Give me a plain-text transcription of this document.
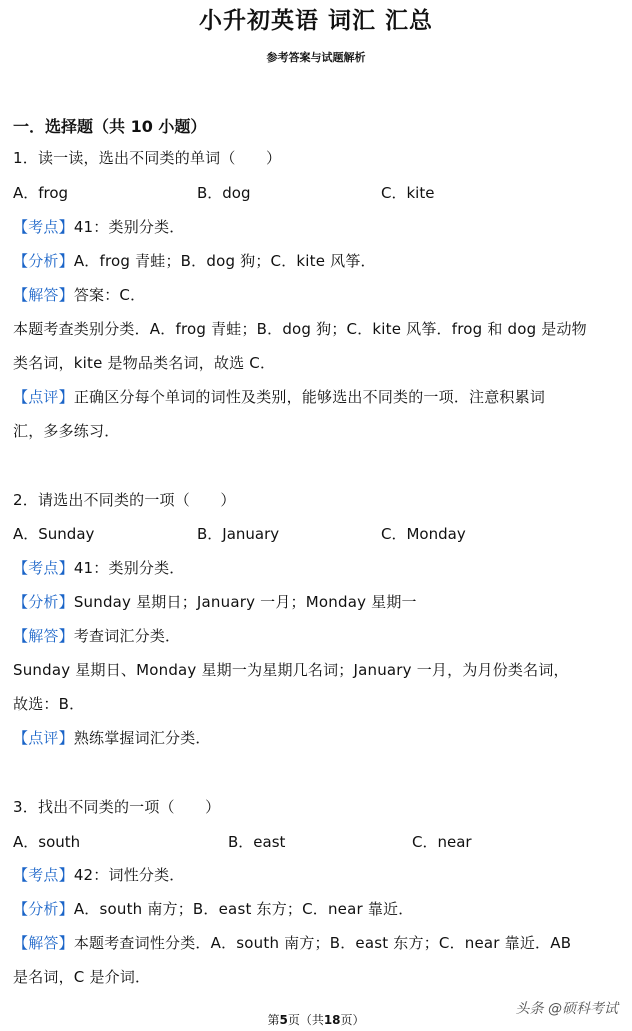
小升初英语 词汇 汇总
参考答案与试题解析
一．选择题（共 10 小题）
1．读一读，选出不同类的单词（　　）
A．frog	B．dog	C．kite
【考点】41：类别分类．
【分析】A．frog 青蛙；B．dog 狗；C．kite 风筝．
【解答】答案：C．
本题考查类别分类．A．frog 青蛙；B．dog 狗；C．kite 风筝．frog 和 dog 是动物
类名词，kite 是物品类名词，故选 C．
【点评】正确区分每个单词的词性及类别，能够选出不同类的一项．注意积累词
汇，多多练习．
2．请选出不同类的一项（　　）
A．Sunday	B．January	C．Monday
【考点】41：类别分类．
【分析】Sunday 星期日；January 一月；Monday 星期一
【解答】考查词汇分类．
Sunday 星期日、Monday 星期一为星期几名词；January 一月，为月份类名词，
故选：B．
【点评】熟练掌握词汇分类．
3．找出不同类的一项（　　）
A．south	B．east	C．near
【考点】42：词性分类．
【分析】A．south 南方；B．east 东方；C．near 靠近．
【解答】本题考查词性分类．A．south 南方；B．east 东方；C．near 靠近．AB
是名词，C 是介词．
第5页（共18页）
头条 @硕科考试
